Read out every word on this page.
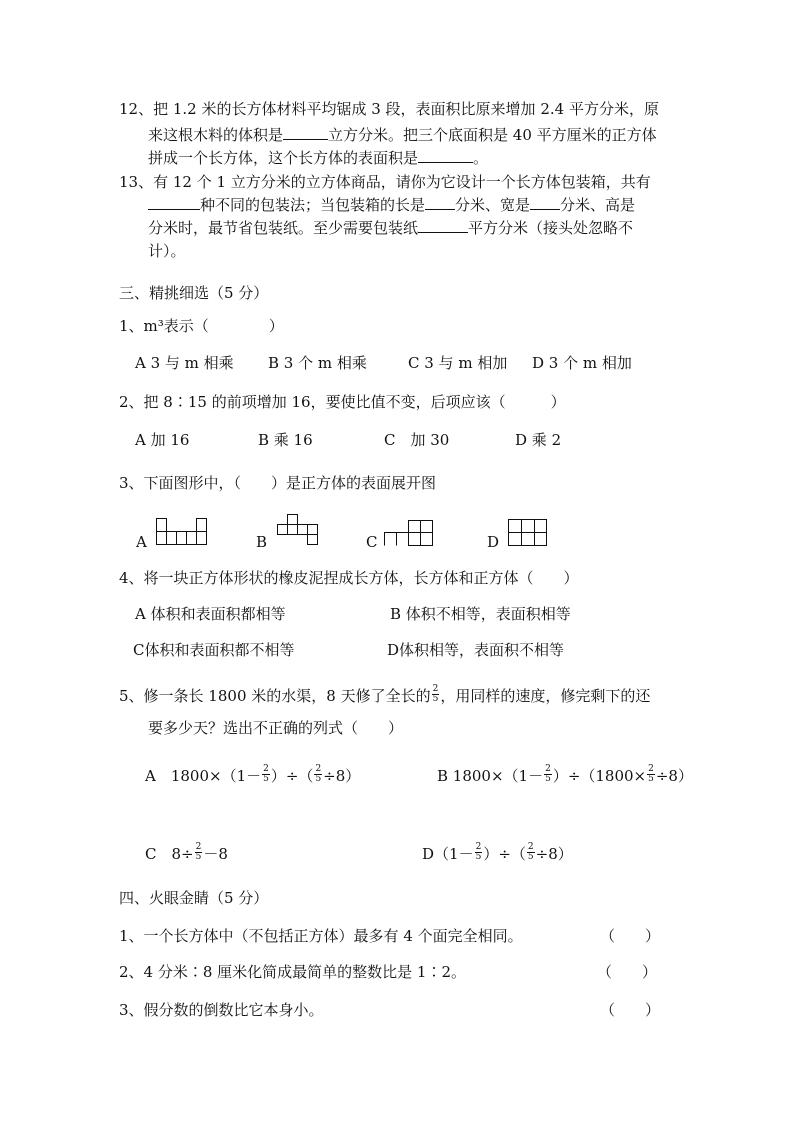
12、把 1.2 米的长方体材料平均锯成 3 段，表面积比原来增加 2.4 平方分米，原
来这根木料的体积是	立方分米。把三个底面积是 40 平方厘米的正方体
拼成一个长方体，这个长方体的表面积是	。
13、有 12 个 1 立方分米的立方体商品，请你为它设计一个长方体包装箱，共有
种不同的包装法；当包装箱的长是 分米、宽是 分米、高是
分米时，最节省包装纸。至少需要包装纸	平方分米（接头处忽略不
计）。
三、精挑细选（5 分）
1、m³表示（　　　　）
A 3 与 m 相乘 B 3 个 m 相乘	C 3 与 m 相加 D 3 个 m 相加
2、把 8∶15 的前项增加 16，要使比值不变，后项应该（　　　）
A 加 16	B 乘 16	C　加 30	D 乘 2
3、下面图形中，（　　）是正方体的表面展开图
A	B	C	D
4、将一块正方体形状的橡皮泥捏成长方体，长方体和正方体（　　）
A 体积和表面积都相等	B 体积不相等，表面积相等
C体积和表面积都不相等	D体积相等，表面积不相等
5、修一条长 1800 米的水渠，8 天修了全长的 $\frac{2}{5}$ ，用同样的速度，修完剩下的还
要多少天？选出不正确的列式（　　）
A　$1800\times(1- \frac{2}{5}$ ）÷（ $\frac{2}{5} \div 8$）	B $1800\times(1- \frac{2}{5} )\div(1800\times \frac{2}{5} \div 8)$
C　$8\div \frac{2}{5} -8$	$D(1- \frac{2}{5}$ ）÷（ $\frac{2}{5} \div 8$）
四、火眼金睛（5 分）
1、一个长方体中（不包括正方体）最多有 4 个面完全相同。	（　　）
2、4 分米∶8 厘米化简成最简单的整数比是 1∶2。	（　　）
3、假分数的倒数比它本身小。	（　　）
